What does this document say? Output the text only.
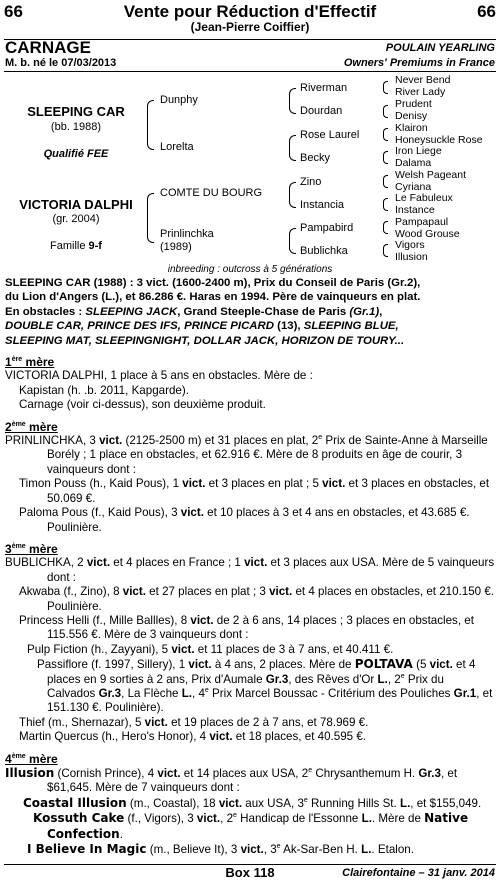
66	Vente pour Réduction d'Effectif	66
(Jean-Pierre Coiffier)
CARNAGE	POULAIN YEARLING
M. b. né le 07/03/2013	Owners' Premiums in France
SLEEPING CAR
(bb. 1988)
Qualifié FEE
VICTORIA DALPHI
(gr. 2004)
Famille 9-f
Dunphy
Lorelta
COMTE DU BOURG
Prinlinchka
(1989)
Riverman
Dourdan
Rose Laurel
Becky
Zino
Instancia
Pampabird
Bublichka
Never Bend
River Lady
Prudent
Denisy
Klairon
Honeysuckle Rose
Iron Liege
Dalama
Welsh Pageant
Cyriana
Le Fabuleux
Instance
Pampapaul
Wood Grouse
Vigors
Illusion
inbreeding : outcross à 5 générations

SLEEPING CAR (1988) : 3 vict. (1600-2400 m), Prix du Conseil de Paris (Gr.2),
du Lion d'Angers (L.), et 86.286 €. Haras en 1994. Père de vainqueurs en plat.
En obstacles : SLEEPING JACK, Grand Steeple-Chase de Paris (Gr.1),
DOUBLE CAR, PRINCE DES IFS, PRINCE PICARD (13), SLEEPING BLUE,
SLEEPING MAT, SLEEPINGNIGHT, DOLLAR JACK, HORIZON DE TOURY...

1ère mère

VICTORIA DALPHI, 1 place à 5 ans en obstacles. Mère de :

Kapistan (h. .b. 2011, Kapgarde).

Carnage (voir ci-dessus), son deuxième produit.

2ème mère

PRINLINCHKA, 3 vict. (2125-2500 m) et 31 places en plat, 2e Prix de Sainte-Anne à Marseille Borély ; 1 place en obstacles, et 62.916 €. Mère de 8 produits en âge de courir, 3 vainqueurs dont :

Timon Pouss (h., Kaid Pous), 1 vict. et 3 places en plat ; 5 vict. et 3 places en obstacles, et 50.069 €.

Paloma Pous (f., Kaid Pous), 3 vict. et 10 places à 3 et 4 ans en obstacles, et 43.685 €. Poulinière.

3ème mère

BUBLICHKA, 2 vict. et 4 places en France ; 1 vict. et 3 places aux USA. Mère de 5 vainqueurs dont :

Akwaba (f., Zino), 8 vict. et 27 places en plat ; 3 vict. et 4 places en obstacles, et 210.150 €. Poulinière.

Princess Helli (f., Mille Ballles), 8 vict. de 2 à 6 ans, 14 places ; 3 places en obstacles, et 115.556 €. Mère de 3 vainqueurs dont :

Pulp Fiction (h., Zayyani), 5 vict. et 11 places de 3 à 7 ans, et 40.411 €.

Passiflore (f. 1997, Sillery), 1 vict. à 4 ans, 2 places. Mère de POLTAVA (5 vict. et 4 places en 9 sorties à 2 ans, Prix d'Aumale Gr.3, des Rêves d'Or L., 2e Prix du Calvados Gr.3, La Flèche L., 4e Prix Marcel Boussac - Critérium des Pouliches Gr.1, et 151.130 €. Poulinière).

Thief (m., Shernazar), 5 vict. et 19 places de 2 à 7 ans, et 78.969 €.

Martin Quercus (h., Hero's Honor), 4 vict. et 18 places, et 40.595 €.

4ème mère

Illusion (Cornish Prince), 4 vict. et 14 places aux USA, 2e Chrysanthemum H. Gr.3, et $61,645. Mère de 7 vainqueurs dont :

Coastal Illusion (m., Coastal), 18 vict. aux USA, 3e Running Hills St. L., et $155,049.

Kossuth Cake (f., Vigors), 3 vict., 2e Handicap de l'Essonne L.. Mère de Native Confection.

I Believe In Magic (m., Believe It), 3 vict., 3e Ak-Sar-Ben H. L.. Etalon.

Box 118	Clairefontaine – 31 janv. 2014
